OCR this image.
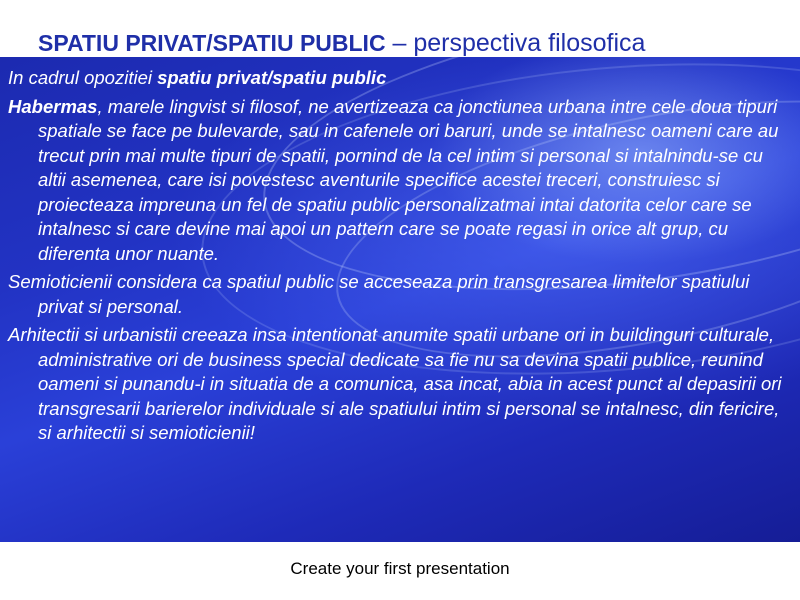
SPATIU PRIVAT/SPATIU PUBLIC – perspectiva filosofica

In cadrul opozitiei spatiu privat/spatiu public

Habermas, marele lingvist si filosof, ne avertizeaza ca jonctiunea urbana intre cele doua tipuri spatiale se face pe bulevarde, sau in cafenele ori baruri, unde se intalnesc oameni care au trecut prin mai multe tipuri de spatii, pornind de la cel intim si personal si intalnindu-se cu altii asemenea, care isi povestesc aventurile specifice acestei treceri, construiesc si proiecteaza impreuna un fel de spatiu public personalizatmai intai datorita celor care se intalnesc si care devine mai apoi un pattern care se poate regasi in orice alt grup, cu diferenta unor nuante.

Semioticienii considera ca spatiul public se acceseaza prin transgresarea limitelor spatiului privat si personal.

Arhitectii si urbanistii creeaza insa intentionat anumite spatii urbane ori in buildinguri culturale, administrative ori de business special dedicate sa fie nu sa devina spatii publice, reunind oameni si punandu-i in situatia de a comunica, asa incat, abia in acest punct al depasirii ori transgresarii barierelor individuale si ale spatiului intim si personal se intalnesc, din fericire, si arhitectii si semioticienii!

Create your first presentation
